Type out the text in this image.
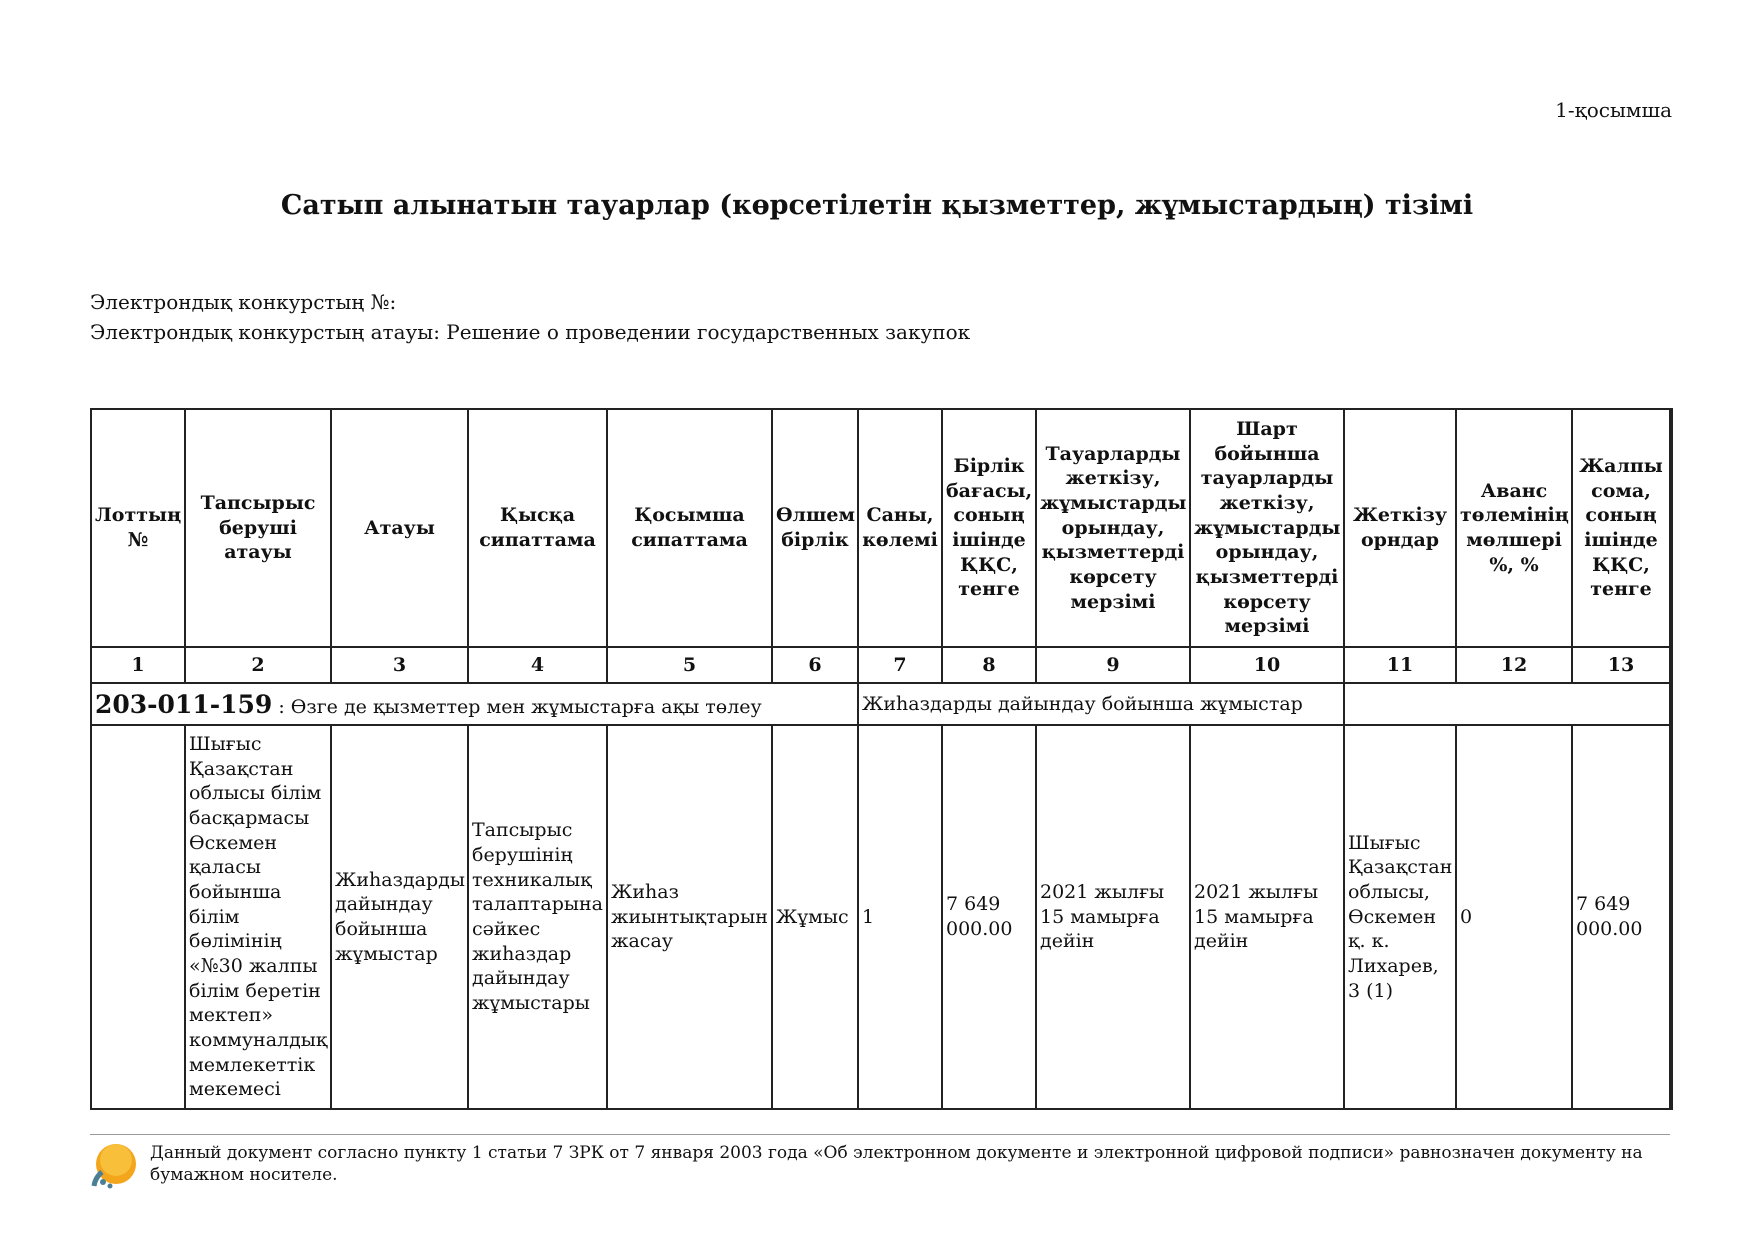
1-қосымша
Сатып алынатын тауарлар (көрсетілетін қызметтер, жұмыстардың) тізімі
Электрондық конкурстың №:
Электрондық конкурстың атауы: Решение о проведении государственных закупок
Лоттың №	Тапсырыс беруші атауы	Атауы	Қысқа сипаттама	Қосымша сипаттама	Өлшем бірлік	Саны, көлемі	Бірлік бағасы, соның ішінде ҚҚС, тенге	Тауарларды жеткізу, жұмыстарды орындау, қызметтерді көрсету мерзімі	Шарт бойынша тауарларды жеткізу, жұмыстарды орындау, қызметтерді көрсету мерзімі	Жеткізу орндар	Аванс төлемінің мөлшері %, %	Жалпы сома, соның ішінде ҚҚС, тенге
1	2	3	4	5	6	7	8	9	10	11	12	13
203-011-159 : Өзге де қызметтер мен жұмыстарға ақы төлеу						Жиһаздарды дайындау бойынша жұмыстар						
	Шығыс Қазақстан облысы білім басқармасы Өскемен қаласы бойынша білім бөлімінің «№30 жалпы білім беретін мектеп» коммуналдық мемлекеттік мекемесі	Жиһаздарды дайындау бойынша жұмыстар	Тапсырыс берушінің техникалық талаптарына сәйкес жиһаздар дайындау жұмыстары	Жиһаз жиынтықтарын жасау	Жұмыс	1	7 649 000.00	2021 жылғы 15 мамырға дейін	2021 жылғы 15 мамырға дейін	Шығыс Қазақстан облысы, Өскемен қ. к. Лихарев, 3 (1)	0	7 649 000.00
Данный документ согласно пункту 1 статьи 7 ЗРК от 7 января 2003 года «Об электронном документе и электронной цифровой подписи» равнозначен документу на бумажном носителе.
